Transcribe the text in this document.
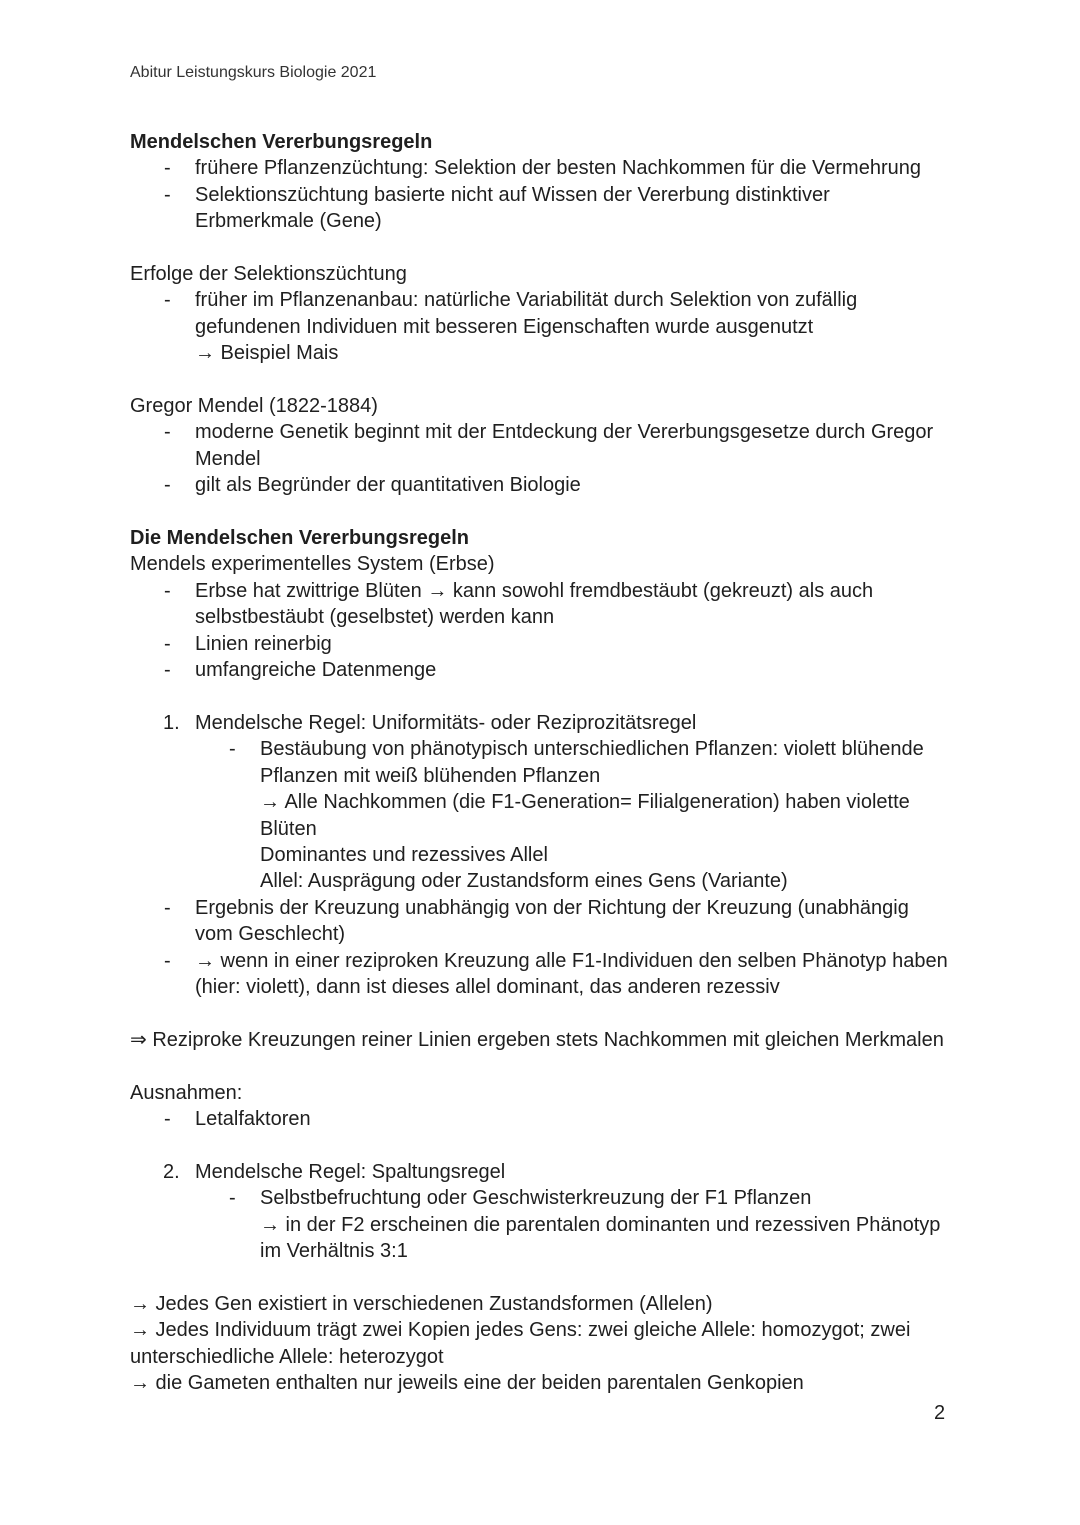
Abitur Leistungskurs Biologie 2021

Mendelschen Vererbungsregeln

- frühere Pflanzenzüchtung: Selektion der besten Nachkommen für die Vermehrung

- Selektionszüchtung basierte nicht auf Wissen der Vererbung distinktiver

Erbmerkmale (Gene)

Erfolge der Selektionszüchtung

- früher im Pflanzenanbau: natürliche Variabilität durch Selektion von zufällig

gefundenen Individuen mit besseren Eigenschaften wurde ausgenutzt

→ Beispiel Mais

Gregor Mendel (1822-1884)

- moderne Genetik beginnt mit der Entdeckung der Vererbungsgesetze durch Gregor

Mendel

- gilt als Begründer der quantitativen Biologie

Die Mendelschen Vererbungsregeln

Mendels experimentelles System (Erbse)

- Erbse hat zwittrige Blüten → kann sowohl fremdbestäubt (gekreuzt) als auch

selbstbestäubt (geselbstet) werden kann

- Linien reinerbig

- umfangreiche Datenmenge

1. Mendelsche Regel: Uniformitäts- oder Reziprozitätsregel

- Bestäubung von phänotypisch unterschiedlichen Pflanzen: violett blühende

Pflanzen mit weiß blühenden Pflanzen

→ Alle Nachkommen (die F1-Generation= Filialgeneration) haben violette

Blüten

Dominantes und rezessives Allel

Allel: Ausprägung oder Zustandsform eines Gens (Variante)

- Ergebnis der Kreuzung unabhängig von der Richtung der Kreuzung (unabhängig

vom Geschlecht)

- → wenn in einer reziproken Kreuzung alle F1-Individuen den selben Phänotyp haben

(hier: violett), dann ist dieses allel dominant, das anderen rezessiv

⇒ Reziproke Kreuzungen reiner Linien ergeben stets Nachkommen mit gleichen Merkmalen

Ausnahmen:

- Letalfaktoren

2. Mendelsche Regel: Spaltungsregel

- Selbstbefruchtung oder Geschwisterkreuzung der F1 Pflanzen

→ in der F2 erscheinen die parentalen dominanten und rezessiven Phänotyp

im Verhältnis 3:1

→ Jedes Gen existiert in verschiedenen Zustandsformen (Allelen)

→ Jedes Individuum trägt zwei Kopien jedes Gens: zwei gleiche Allele: homozygot; zwei

unterschiedliche Allele: heterozygot

→ die Gameten enthalten nur jeweils eine der beiden parentalen Genkopien

2
